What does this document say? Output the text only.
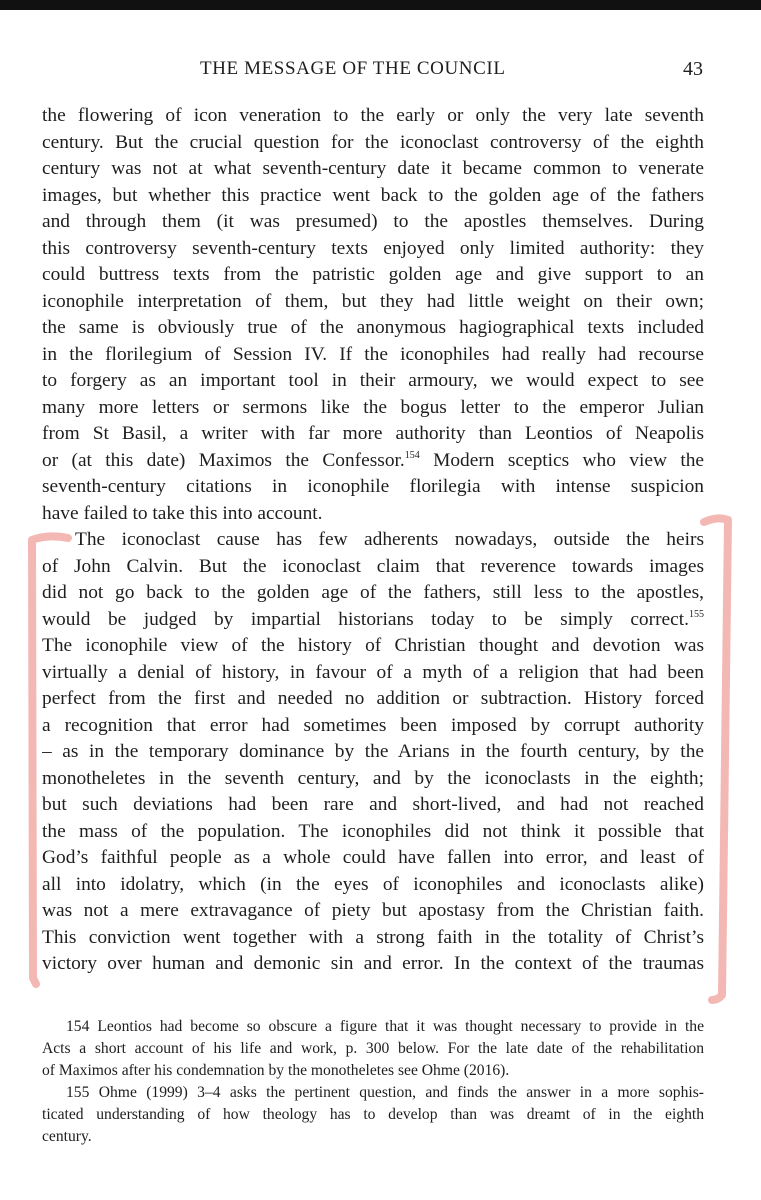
THE MESSAGE OF THE COUNCIL	43
the flowering of icon veneration to the early or only the very late seventh
century. But the crucial question for the iconoclast controversy of the eighth
century was not at what seventh-century date it became common to venerate
images, but whether this practice went back to the golden age of the fathers
and through them (it was presumed) to the apostles themselves. During
this controversy seventh-century texts enjoyed only limited authority: they
could buttress texts from the patristic golden age and give support to an
iconophile interpretation of them, but they had little weight on their own;
the same is obviously true of the anonymous hagiographical texts included
in the florilegium of Session IV. If the iconophiles had really had recourse
to forgery as an important tool in their armoury, we would expect to see
many more letters or sermons like the bogus letter to the emperor Julian
from St Basil, a writer with far more authority than Leontios of Neapolis
or (at this date) Maximos the Confessor.$^{154}$ Modern sceptics who view the
seventh-century citations in iconophile florilegia with intense suspicion
have failed to take this into account.
The iconoclast cause has few adherents nowadays, outside the heirs
of John Calvin. But the iconoclast claim that reverence towards images
did not go back to the golden age of the fathers, still less to the apostles,
would be judged by impartial historians today to be simply correct.$^{155}$
The iconophile view of the history of Christian thought and devotion was
virtually a denial of history, in favour of a myth of a religion that had been
perfect from the first and needed no addition or subtraction. History forced
a recognition that error had sometimes been imposed by corrupt authority
– as in the temporary dominance by the Arians in the fourth century, by the
monotheletes in the seventh century, and by the iconoclasts in the eighth;
but such deviations had been rare and short-lived, and had not reached
the mass of the population. The iconophiles did not think it possible that
God’s faithful people as a whole could have fallen into error, and least of
all into idolatry, which (in the eyes of iconophiles and iconoclasts alike)
was not a mere extravagance of piety but apostasy from the Christian faith.
This conviction went together with a strong faith in the totality of Christ’s
victory over human and demonic sin and error. In the context of the traumas
154 Leontios had become so obscure a figure that it was thought necessary to provide in the
Acts a short account of his life and work, p. 300 below. For the late date of the rehabilitation
of Maximos after his condemnation by the monotheletes see Ohme (2016).
155 Ohme (1999) 3–4 asks the pertinent question, and finds the answer in a more sophis-
ticated understanding of how theology has to develop than was dreamt of in the eighth
century.
